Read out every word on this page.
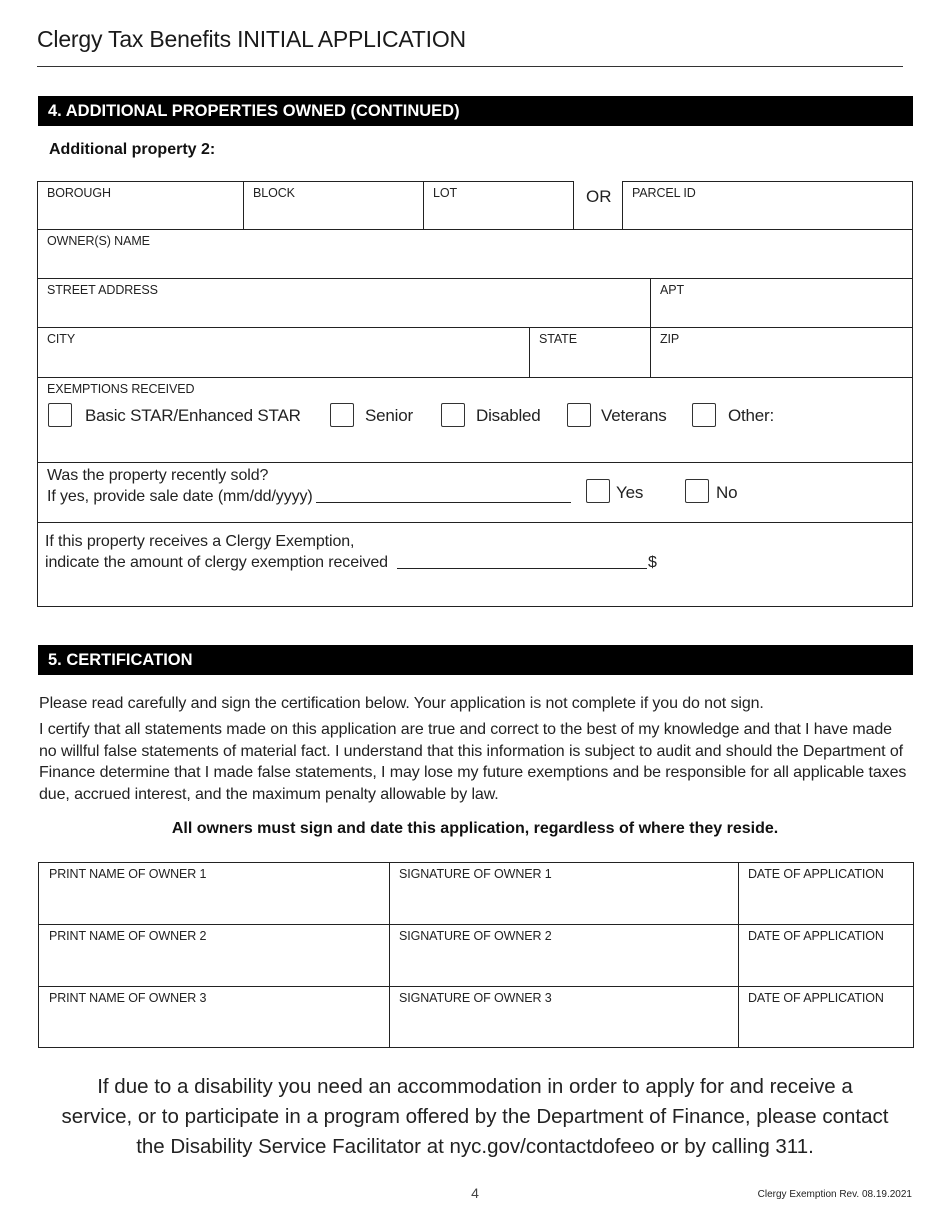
Clergy Tax Benefits INITIAL APPLICATION
4. ADDITIONAL PROPERTIES OWNED (CONTINUED)
Additional property 2:
BOROUGH	BLOCK	LOT	OR PARCEL ID
OWNER(S) NAME
STREET ADDRESS	APT
CITY	STATE	ZIP
EXEMPTIONS RECEIVED
Basic STAR/Enhanced STAR	Senior	Disabled	Veterans	Other:
Was the property recently sold?
If yes, provide sale date (mm/dd/yyyy)	Yes	No
If this property receives a Clergy Exemption,
indicate the amount of clergy exemption received	$
5. CERTIFICATION
Please read carefully and sign the certification below. Your application is not complete if you do not sign.
I certify that all statements made on this application are true and correct to the best of my knowledge and that I have made no willful false statements of material fact. I understand that this information is subject to audit and should the Department of Finance determine that I made false statements, I may lose my future exemptions and be responsible for all applicable taxes due, accrued interest, and the maximum penalty allowable by law.
All owners must sign and date this application, regardless of where they reside.
PRINT NAME OF OWNER 1	SIGNATURE OF OWNER 1	DATE OF APPLICATION
PRINT NAME OF OWNER 2	SIGNATURE OF OWNER 2	DATE OF APPLICATION
PRINT NAME OF OWNER 3	SIGNATURE OF OWNER 3	DATE OF APPLICATION
If due to a disability you need an accommodation in order to apply for and receive a service, or to participate in a program offered by the Department of Finance, please contact the Disability Service Facilitator at nyc.gov/contactdofeeo or by calling 311.
4	Clergy Exemption Rev. 08.19.2021
